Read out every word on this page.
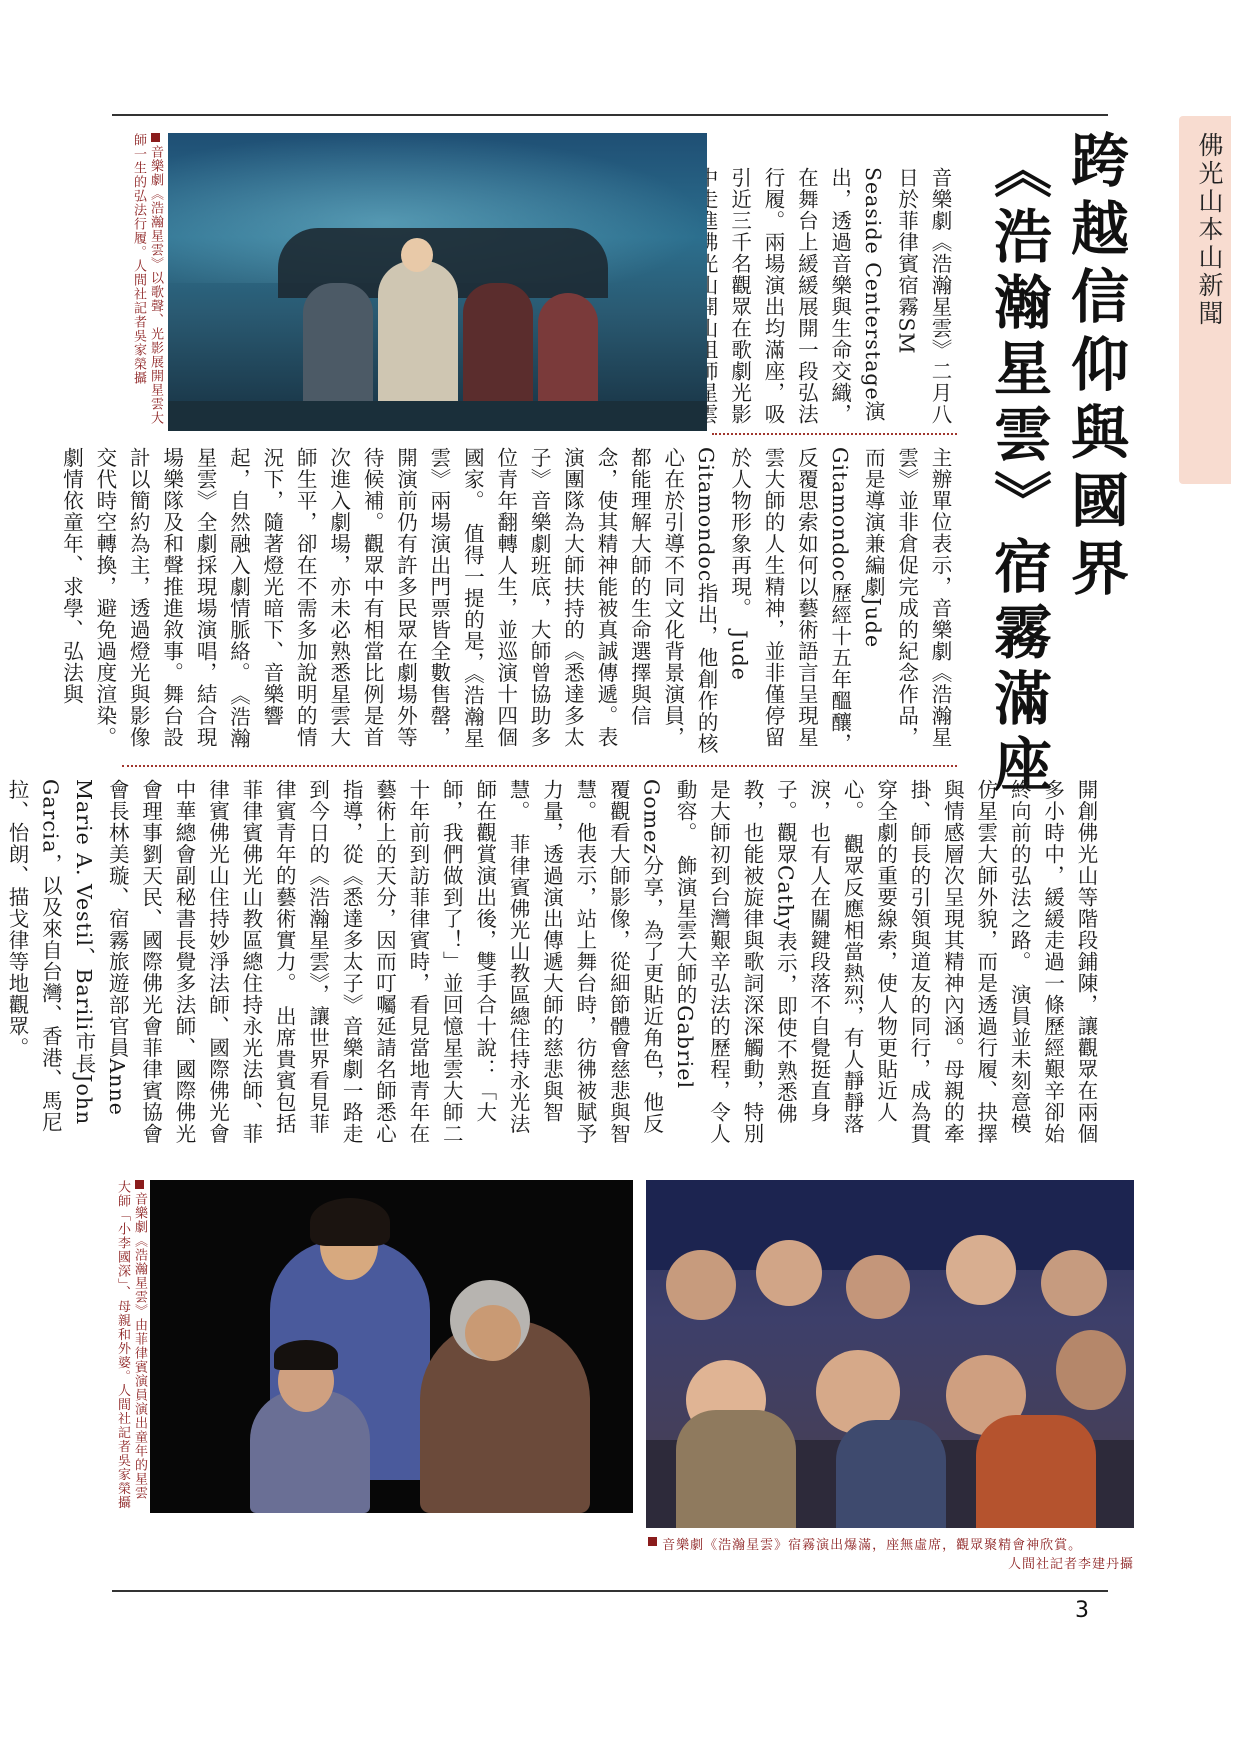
佛光山本山新聞
跨越信仰與國界
《浩瀚星雲》宿霧滿座
音樂劇《浩瀚星雲》二月八日於菲律賓宿霧SM Seaside Centerstage演出，透過音樂與生命交織，在舞台上緩緩展開一段弘法行履。兩場演出均滿座，吸引近三千名觀眾在歌劇光影
音樂劇《浩瀚星雲》以歌聲、光影展開星雲大師一生的弘法行履。人間社記者吳家榮攝
主辦單位表示，音樂劇《浩瀚星雲》並非倉促完成的紀念作品，而是導演兼編劇Jude Gitamondoc歷經十五年醞釀，反覆思索如何以藝術語言呈現星雲大師的人生精神，並非僅停留於人物形象再現。　Jude Gitamondoc指出，他創作的核心在於引導不同文化背景演員，都能理解大師的生命選擇與信念，使其精神能被真誠傳遞。表演團隊為大師扶持的《悉達多太子》音樂劇班底，大師曾協助多位青年翻轉人生，並巡演十四個國家。　值得一提的是，《浩瀚星雲》兩場演出門票皆全數售罄，開演前仍有許多民眾在劇場外等待候補。觀眾中有相當比例是首次進入劇場，亦未必熟悉星雲大師生平，卻在不需多加說明的情況下，隨著燈光暗下、音樂響起，自然融入劇情脈絡。　《浩瀚星雲》全劇採現場演唱，結合現場樂隊及和聲推進敘事。舞台設計以簡約為主，透過燈光與影像交代時空轉換，避免過度渲染。劇情依童年、求學、弘法與
開創佛光山等階段鋪陳，讓觀眾在兩個多小時中，緩緩走過一條歷經艱辛卻始終向前的弘法之路。　演員並未刻意模仿星雲大師外貌，而是透過行履、抉擇與情感層次呈現其精神內涵。母親的牽掛、師長的引領與道友的同行，成為貫穿全劇的重要線索，使人物更貼近人心。　觀眾反應相當熱烈，有人靜靜落淚，也有人在關鍵段落不自覺挺直身子。觀眾Cathy表示，即使不熟悉佛教，也能被旋律與歌詞深深觸動，特別是大師初到台灣艱辛弘法的歷程，令人動容。　飾演星雲大師的Gabriel Gomez分享，為了更貼近角色，他反覆觀看大師影像，從細節體會慈悲與智慧。他表示，站上舞台時，彷彿被賦予力量，透過演出傳遞大師的慈悲與智慧。　菲律賓佛光山教區總住持永光法師在觀賞演出後，雙手合十說：「大師，我們做到了！」並回憶星雲大師二十年前到訪菲律賓時，看見當地青年在藝術上的天分，因而叮囑延請名師悉心指導，從《悉達多太子》音樂劇一路走到今日的《浩瀚星雲》，讓世界看見菲律賓青年的藝術實力。　出席貴賓包括菲律賓佛光山教區總住持永光法師、菲律賓佛光山住持妙淨法師、國際佛光會中華總會副秘書長覺多法師、國際佛光會理事劉天民、國際佛光會菲律賓協會會長林美璇、宿霧旅遊部官員Anne Marie A. Vestil、Barili市長John Garcia，以及來自台灣、香港、馬尼拉、怡朗、描戈律等地觀眾。
音樂劇《浩瀚星雲》由菲律賓演員演出童年的星雲大師「小李國深」、母親和外婆。人間社記者吳家榮攝
音樂劇《浩瀚星雲》宿霧演出爆滿，座無虛席，觀眾聚精會神欣賞。
人間社記者李建丹攝
3
